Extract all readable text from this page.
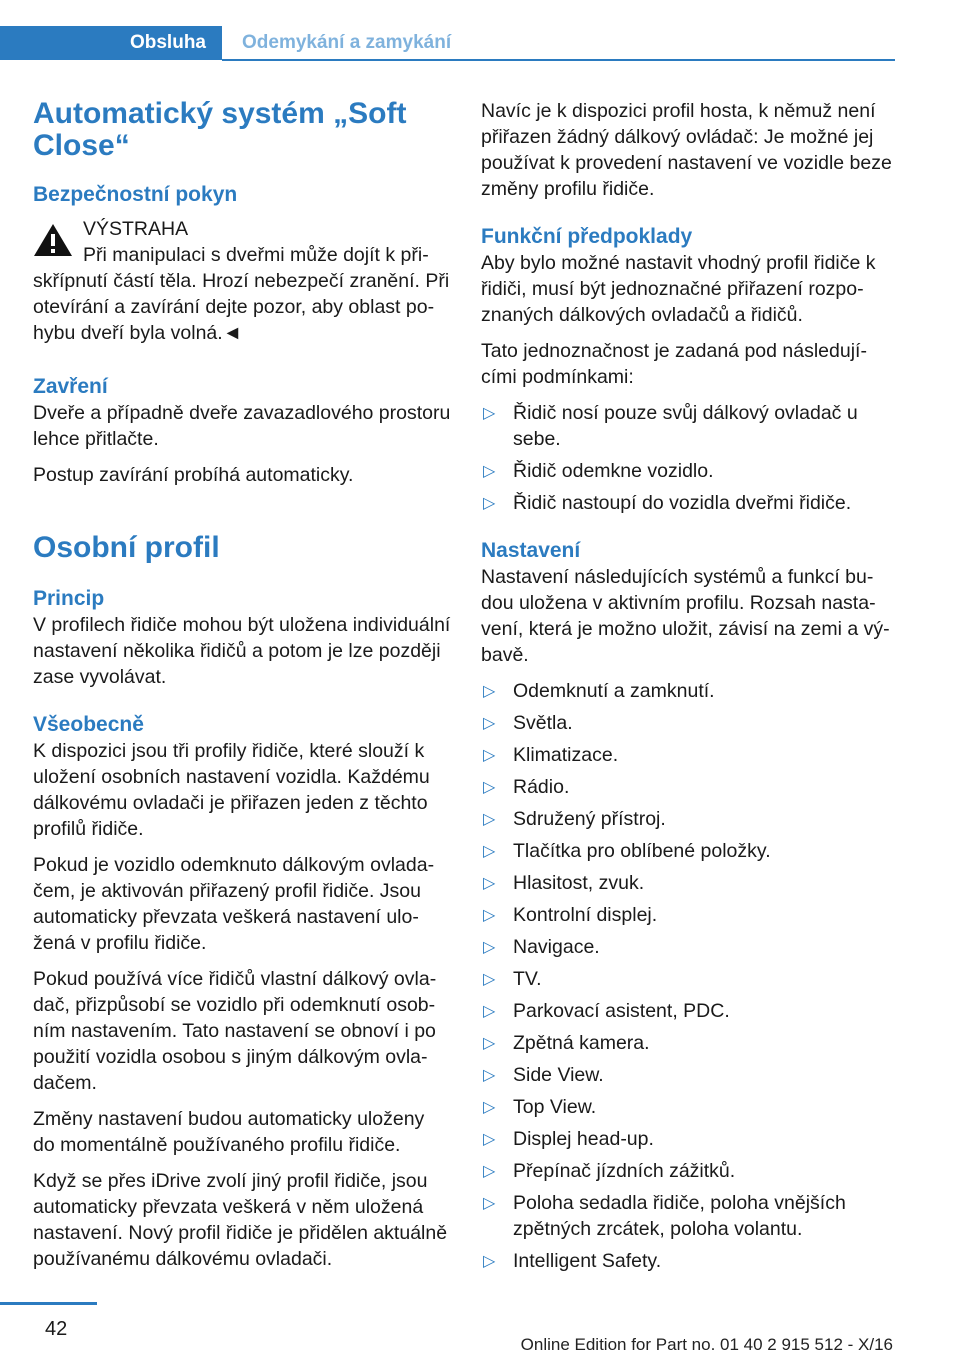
Obsluha	Odemykání a zamykání
Automatický systém „Soft Close“
Bezpečnostní pokyn
VÝSTRAHA
Při manipulaci s dveřmi může dojít k přiskřípnutí částí těla. Hrozí nebezpečí zranění. Při otevírání a zavírání dejte pozor, aby oblast pohybu dveří byla volná.◄
Zavření

Dveře a případně dveře zavazadlového prostoru lehce přitlačte.

Postup zavírání probíhá automaticky.

Osobní profil
Princip

V profilech řidiče mohou být uložena individuální nastavení několika řidičů a potom je lze později zase vyvolávat.

Všeobecně

K dispozici jsou tři profily řidiče, které slouží k uložení osobních nastavení vozidla. Každému dálkovému ovladači je přiřazen jeden z těchto profilů řidiče.

Pokud je vozidlo odemknuto dálkovým ovladačem, je aktivován přiřazený profil řidiče. Jsou automaticky převzata veškerá nastavení uložená v profilu řidiče.

Pokud používá více řidičů vlastní dálkový ovladač, přizpůsobí se vozidlo při odemknutí osobním nastavením. Tato nastavení se obnoví i po použití vozidla osobou s jiným dálkovým ovladačem.

Změny nastavení budou automaticky uloženy do momentálně používaného profilu řidiče.

Když se přes iDrive zvolí jiný profil řidiče, jsou automaticky převzata veškerá v něm uložená nastavení. Nový profil řidiče je přidělen aktuálně používanému dálkovému ovladači.

Navíc je k dispozici profil hosta, k němuž není přiřazen žádný dálkový ovládač: Je možné jej používat k provedení nastavení ve vozidle beze změny profilu řidiče.

Funkční předpoklady

Aby bylo možné nastavit vhodný profil řidiče k řidiči, musí být jednoznačné přiřazení rozpoznaných dálkových ovladačů a řidičů.

Tato jednoznačnost je zadaná pod následujícími podmínkami:

▷ Řidič nosí pouze svůj dálkový ovladač u sebe.
▷ Řidič odemkne vozidlo.
▷ Řidič nastoupí do vozidla dveřmi řidiče.
Nastavení

Nastavení následujících systémů a funkcí budou uložena v aktivním profilu. Rozsah nastavení, která je možno uložit, závisí na zemi a výbavě.

▷ Odemknutí a zamknutí.
▷ Světla.
▷ Klimatizace.
▷ Rádio.
▷ Sdružený přístroj.
▷ Tlačítka pro oblíbené položky.
▷ Hlasitost, zvuk.
▷ Kontrolní displej.
▷ Navigace.
▷ TV.
▷ Parkovací asistent, PDC.
▷ Zpětná kamera.
▷ Side View.
▷ Top View.
▷ Displej head-up.
▷ Přepínač jízdních zážitků.
▷ Poloha sedadla řidiče, poloha vnějších zpětných zrcátek, poloha volantu.
▷ Intelligent Safety.
42
Online Edition for Part no. 01 40 2 915 512 - X/16
